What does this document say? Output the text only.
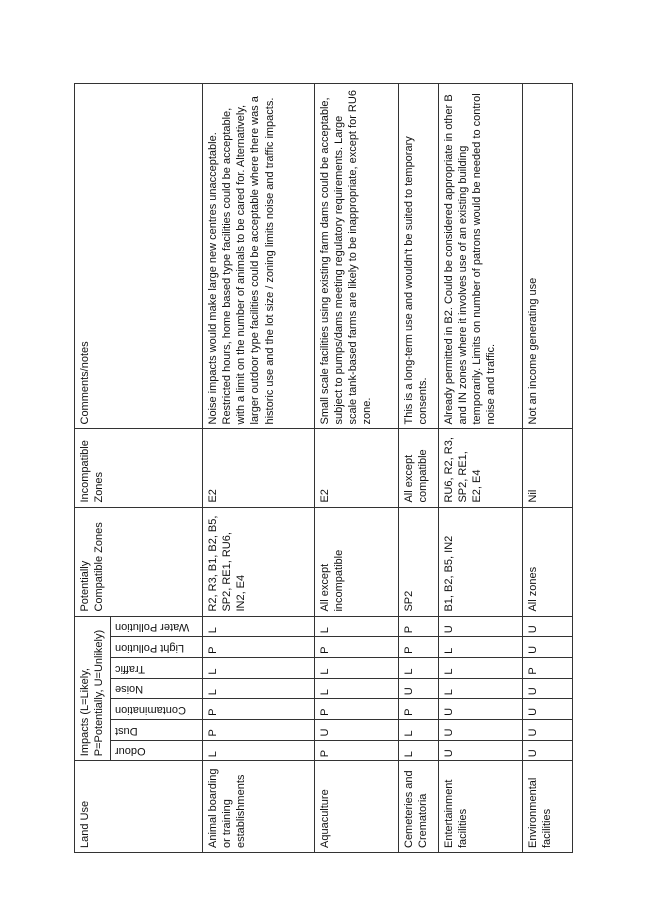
Land Use	Impacts (L=Likely, P=Potentially, U=Unlikely)							Potentially Compatible Zones	Incompatible Zones	Comments/notes

	Odour	Dust	Contamination	Noise	Traffic	Light Pollution	Water Pollution			

Animal boarding or training establishments	L	P	P	L	L	P	L	R2, R3, B1, B2, B5, SP2, RE1, RU6, IN2, E4	E2	Noise impacts would make large new centres unacceptable. Restricted hours, home based type facilities could be acceptable, with a limit on the number of animals to be cared for. Alternatively, larger outdoor type facilities could be acceptable where there was a historic use and the lot size / zoning limits noise and traffic impacts.
Aquaculture	P	U	P	L	L	P	L	All except incompatible	E2	Small scale facilities using existing farm dams could be acceptable, subject to pumps/dams meeting regulatory requirements. Large scale tank-based farms are likely to be inappropriate, except for RU6 zone.
Cemeteries and Crematoria	L	L	P	U	L	P	P	SP2	All except compatible	This is a long-term use and wouldn't be suited to temporary consents.
Entertainment facilities	U	U	U	L	L	L	U	B1, B2, B5, IN2	RU6, R2, R3, SP2, RE1, E2, E4	Already permitted in B2. Could be considered appropriate in other B and IN zones where it involves use of an existing building temporarily. Limits on number of patrons would be needed to control noise and traffic.
Environmental facilities	U	U	U	U	P	U	U	All zones	Nil	Not an income generating use
